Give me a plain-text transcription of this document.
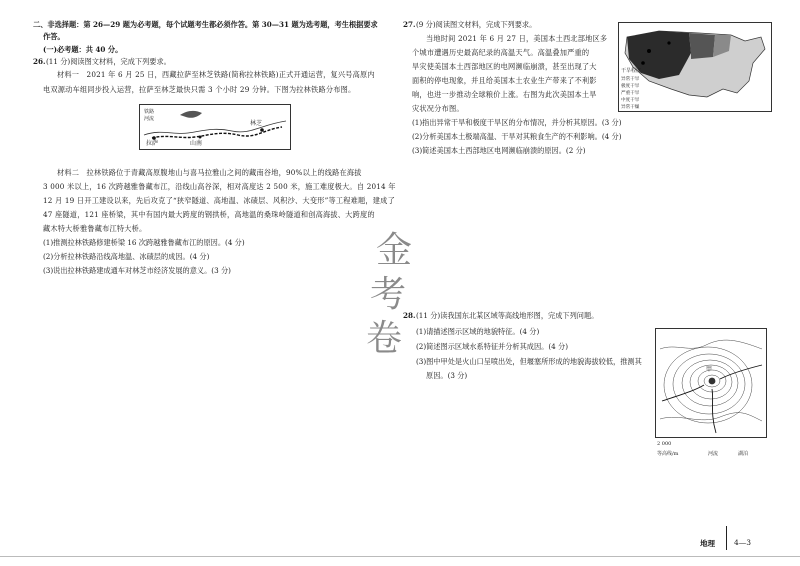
二、非选择题：第 26—29 题为必考题，每个试题考生都必须作答。第 30—31 题为选考题，考生根据要求
作答。
(一)必考题：共 40 分。
26. (11 分)阅读图文材料，完成下列要求。
材料一　2021 年 6 月 25 日，西藏拉萨至林芝铁路(简称拉林铁路)正式开通运营，复兴号高原内
电双源动车组同步投入运营，拉萨至林芝最快只需 3 个小时 29 分钟。下图为拉林铁路分布图。
拉萨	山南
林芝
铁路
河流
材料二　拉林铁路位于青藏高原腹地山与喜马拉雅山之间的藏南谷地，90%以上的线路在海拔
3 000 米以上，16 次跨越雅鲁藏布江，沿线山高谷深，相对高度达 2 500 米，施工难度极大。自 2014 年
12 月 19 日开工建设以来，先后攻克了“狭窄隧道、高地温、冰碛层、风积沙、大变形”等工程难题，建成了
47 座隧道，121 座桥梁，其中有国内最大跨度的钢拱桥，高地温的桑珠岭隧道和创高海拔、大跨度的
藏木特大桥雅鲁藏布江特大桥。
(1)推测拉林铁路修建桥梁 16 次跨越雅鲁藏布江的原因。(4 分)
(2)分析拉林铁路沿线高地温、冰碛层的成因。(4 分)
(3)说出拉林铁路建成通车对林芝市经济发展的意义。(3 分)
27. (9 分)阅读图文材料，完成下列要求。
当地时间 2021 年 6 月 27 日，美国本土西北部地区多
个城市遭遇历史最高纪录的高温天气。高温叠加严重的
旱灾使美国本土西部地区的电网濒临崩溃，甚至出现了大
面积的停电现象，并且给美国本土农业生产带来了不利影
响，也进一步推动全球粮价上涨。右图为此次美国本土旱
灾状况分布图。
(1)指出异常干旱和极度干旱区的分布情况，并分析其原因。(3 分)
(2)分析美国本土极端高温、干旱对其粮食生产的不利影响。(4 分)
(3)简述美国本土西部地区电网濒临崩溃的原因。(2 分)
干旱程度
异常干旱
极度干旱
严重干旱
中度干旱
异常干燥
金
考
卷
28. (11 分)读我国东北某区域等高线地形图，完成下列问题。
(1)请描述图示区域的地貌特征。(4 分)
(2)简述图示区域水系特征并分析其成因。(4 分)
(3)图中甲处是火山口呈喷出处，但堰塞所形成的地貌海拔较低，推测其
原因。(3 分)
甲
2 000
等高线/m	河流	湖泊
地理	4—3
